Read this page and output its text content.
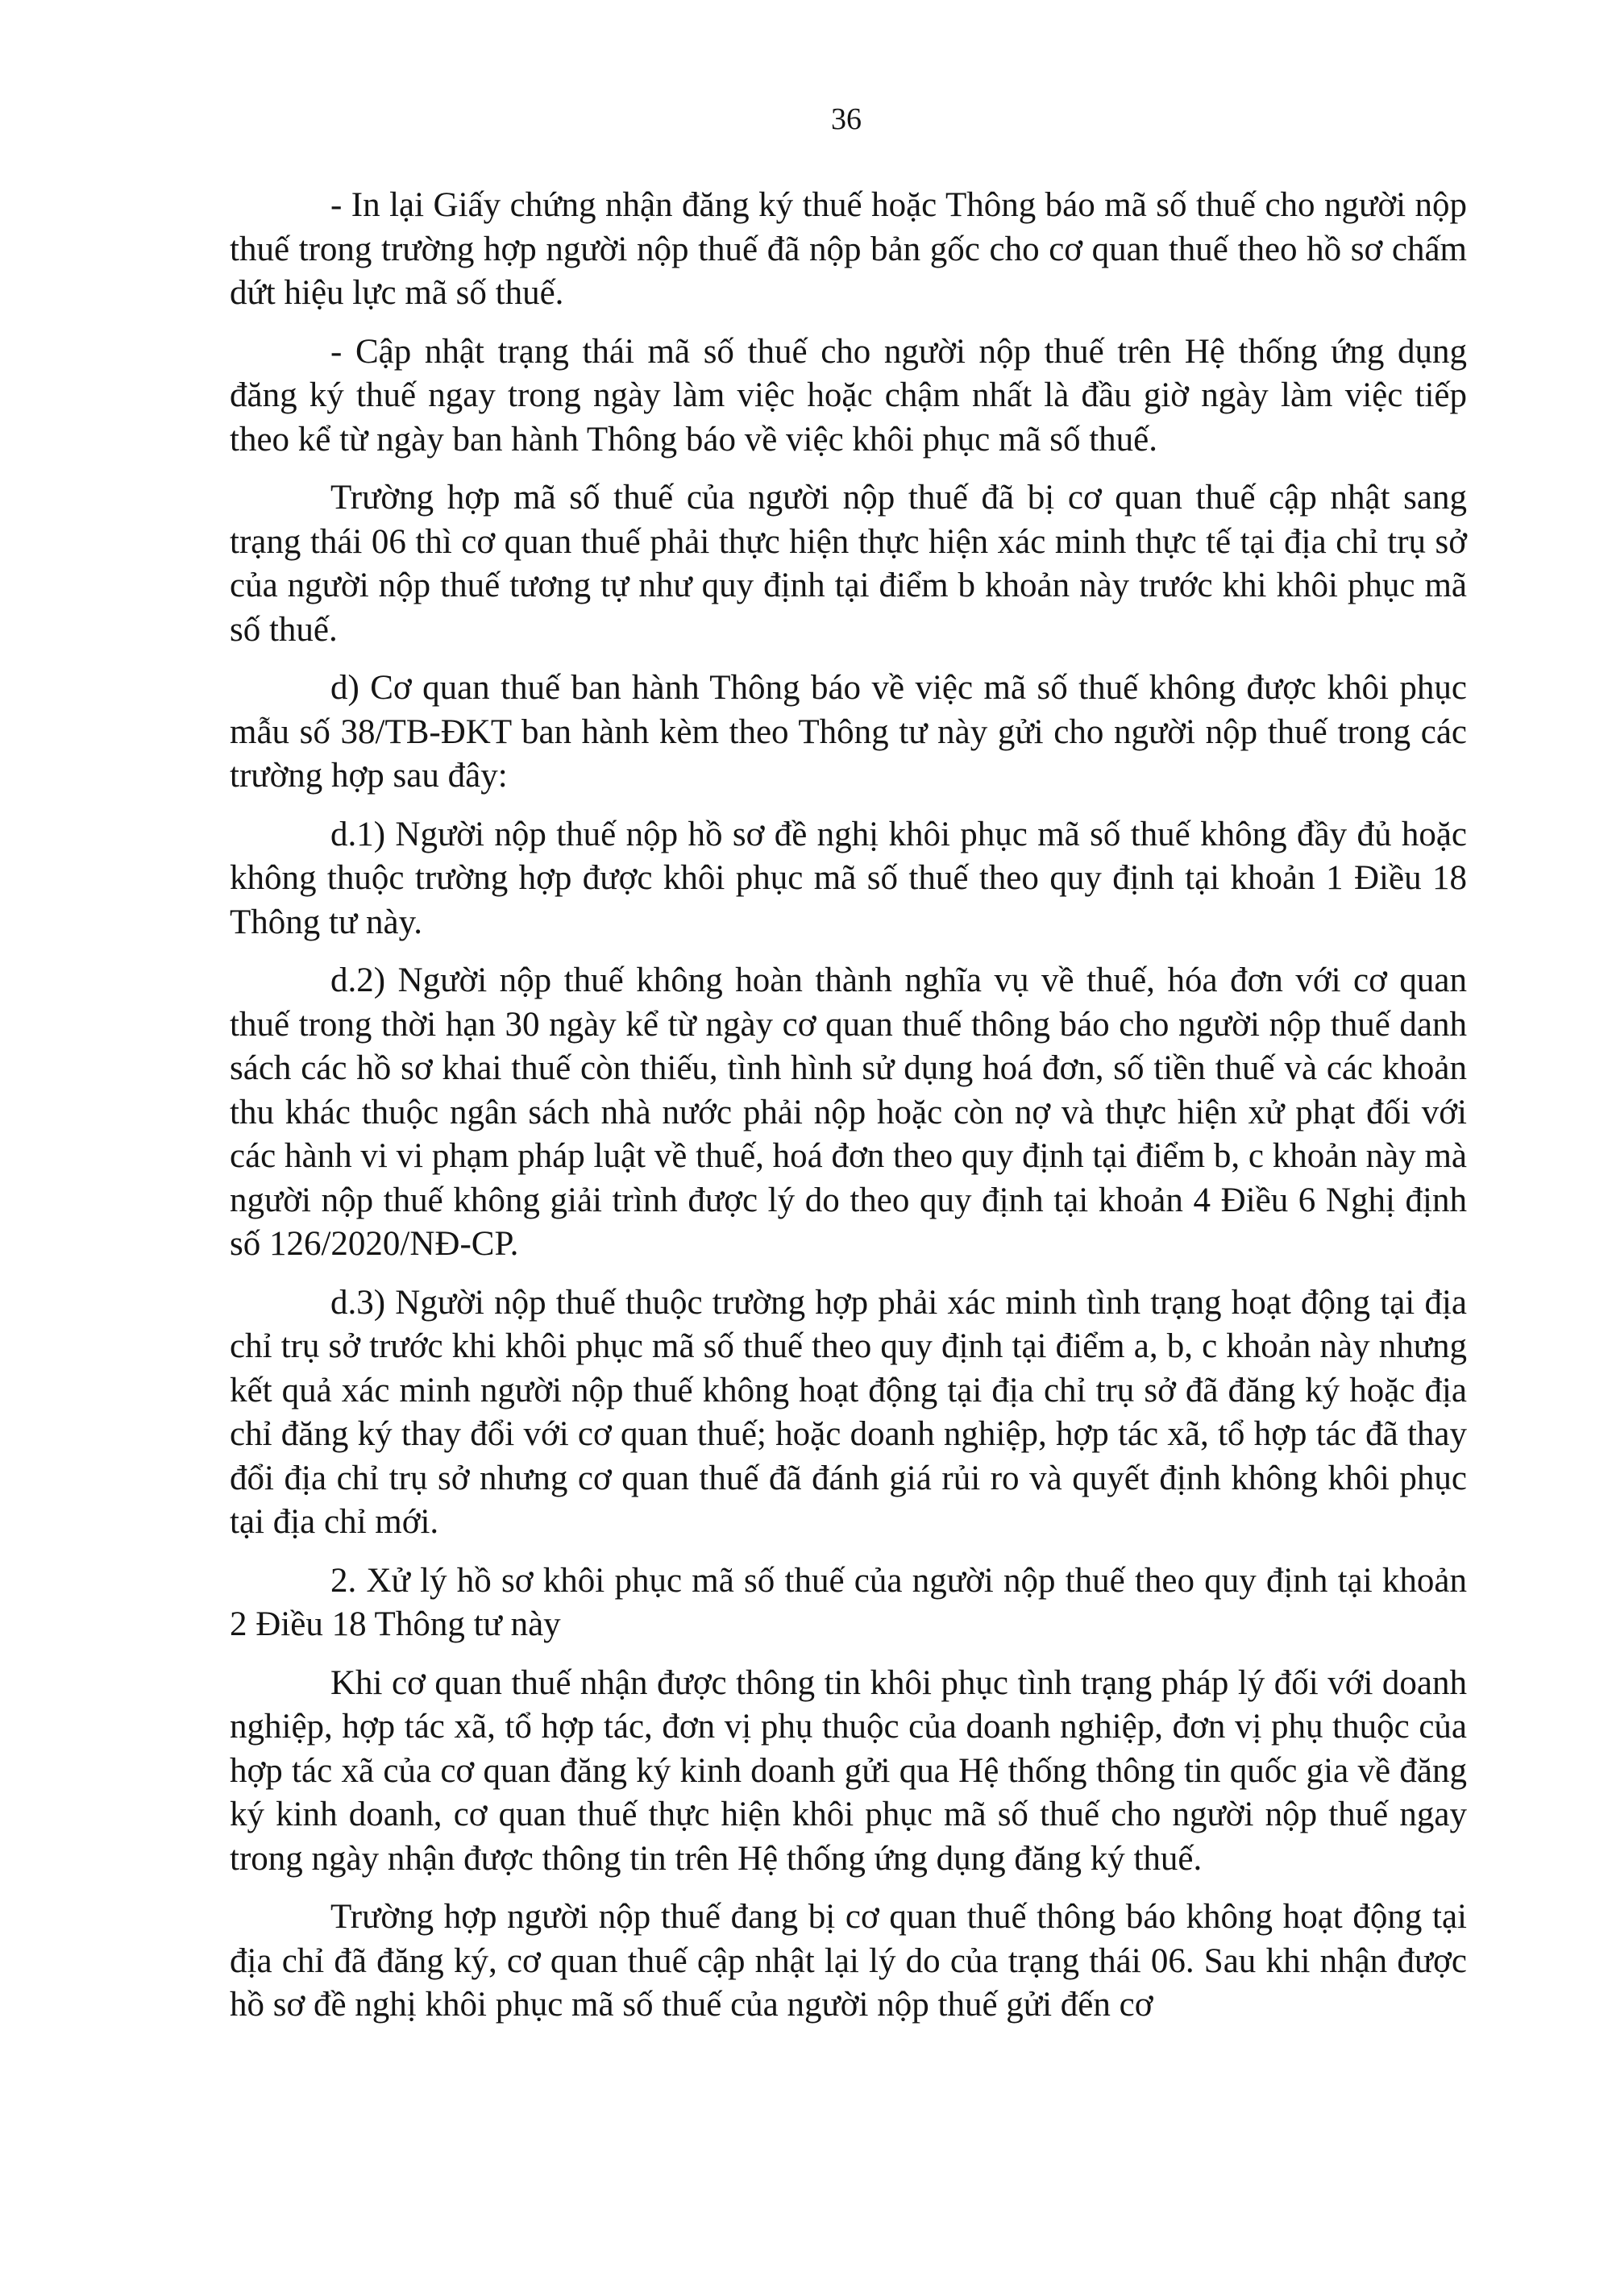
36

- In lại Giấy chứng nhận đăng ký thuế hoặc Thông báo mã số thuế cho người nộp thuế trong trường hợp người nộp thuế đã nộp bản gốc cho cơ quan thuế theo hồ sơ chấm dứt hiệu lực mã số thuế.

- Cập nhật trạng thái mã số thuế cho người nộp thuế trên Hệ thống ứng dụng đăng ký thuế ngay trong ngày làm việc hoặc chậm nhất là đầu giờ ngày làm việc tiếp theo kể từ ngày ban hành Thông báo về việc khôi phục mã số thuế.

Trường hợp mã số thuế của người nộp thuế đã bị cơ quan thuế cập nhật sang trạng thái 06 thì cơ quan thuế phải thực hiện thực hiện xác minh thực tế tại địa chỉ trụ sở của người nộp thuế tương tự như quy định tại điểm b khoản này trước khi khôi phục mã số thuế.

d) Cơ quan thuế ban hành Thông báo về việc mã số thuế không được khôi phục mẫu số 38/TB-ĐKT ban hành kèm theo Thông tư này gửi cho người nộp thuế trong các trường hợp sau đây:

d.1) Người nộp thuế nộp hồ sơ đề nghị khôi phục mã số thuế không đầy đủ hoặc không thuộc trường hợp được khôi phục mã số thuế theo quy định tại khoản 1 Điều 18 Thông tư này.

d.2) Người nộp thuế không hoàn thành nghĩa vụ về thuế, hóa đơn với cơ quan thuế trong thời hạn 30 ngày kể từ ngày cơ quan thuế thông báo cho người nộp thuế danh sách các hồ sơ khai thuế còn thiếu, tình hình sử dụng hoá đơn, số tiền thuế và các khoản thu khác thuộc ngân sách nhà nước phải nộp hoặc còn nợ và thực hiện xử phạt đối với các hành vi vi phạm pháp luật về thuế, hoá đơn theo quy định tại điểm b, c khoản này mà người nộp thuế không giải trình được lý do theo quy định tại khoản 4 Điều 6 Nghị định số 126/2020/NĐ-CP.

d.3) Người nộp thuế thuộc trường hợp phải xác minh tình trạng hoạt động tại địa chỉ trụ sở trước khi khôi phục mã số thuế theo quy định tại điểm a, b, c khoản này nhưng kết quả xác minh người nộp thuế không hoạt động tại địa chỉ trụ sở đã đăng ký hoặc địa chỉ đăng ký thay đổi với cơ quan thuế; hoặc doanh nghiệp, hợp tác xã, tổ hợp tác đã thay đổi địa chỉ trụ sở nhưng cơ quan thuế đã đánh giá rủi ro và quyết định không khôi phục tại địa chỉ mới.

2. Xử lý hồ sơ khôi phục mã số thuế của người nộp thuế theo quy định tại khoản 2 Điều 18 Thông tư này

Khi cơ quan thuế nhận được thông tin khôi phục tình trạng pháp lý đối với doanh nghiệp, hợp tác xã, tổ hợp tác, đơn vị phụ thuộc của doanh nghiệp, đơn vị phụ thuộc của hợp tác xã của cơ quan đăng ký kinh doanh gửi qua Hệ thống thông tin quốc gia về đăng ký kinh doanh, cơ quan thuế thực hiện khôi phục mã số thuế cho người nộp thuế ngay trong ngày nhận được thông tin trên Hệ thống ứng dụng đăng ký thuế.

Trường hợp người nộp thuế đang bị cơ quan thuế thông báo không hoạt động tại địa chỉ đã đăng ký, cơ quan thuế cập nhật lại lý do của trạng thái 06. Sau khi nhận được hồ sơ đề nghị khôi phục mã số thuế của người nộp thuế gửi đến cơ
